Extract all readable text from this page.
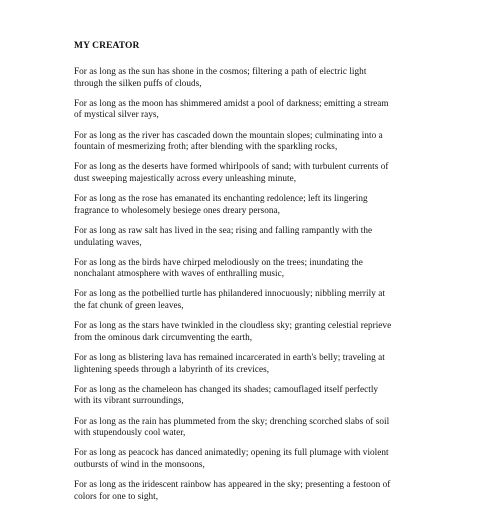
MY CREATOR
For as long as the sun has shone in the cosmos; filtering a path of electric light
through the silken puffs of clouds,
For as long as the moon has shimmered amidst a pool of darkness; emitting a stream
of mystical silver rays,
For as long as the river has cascaded down the mountain slopes; culminating into a
fountain of mesmerizing froth; after blending with the sparkling rocks,
For as long as the deserts have formed whirlpools of sand; with turbulent currents of
dust sweeping majestically across every unleashing minute,
For as long as the rose has emanated its enchanting redolence; left its lingering
fragrance to wholesomely besiege ones dreary persona,
For as long as raw salt has lived in the sea; rising and falling rampantly with the
undulating waves,
For as long as the birds have chirped melodiously on the trees; inundating the
nonchalant atmosphere with waves of enthralling music,
For as long as the potbellied turtle has philandered innocuously; nibbling merrily at
the fat chunk of green leaves,
For as long as the stars have twinkled in the cloudless sky; granting celestial reprieve
from the ominous dark circumventing the earth,
For as long as blistering lava has remained incarcerated in earth's belly; traveling at
lightening speeds through a labyrinth of its crevices,
For as long as the chameleon has changed its shades; camouflaged itself perfectly
with its vibrant surroundings,
For as long as the rain has plummeted from the sky; drenching scorched slabs of soil
with stupendously cool water,
For as long as peacock has danced animatedly; opening its full plumage with violent
outbursts of wind in the monsoons,
For as long as the iridescent rainbow has appeared in the sky; presenting a festoon of
colors for one to sight,
